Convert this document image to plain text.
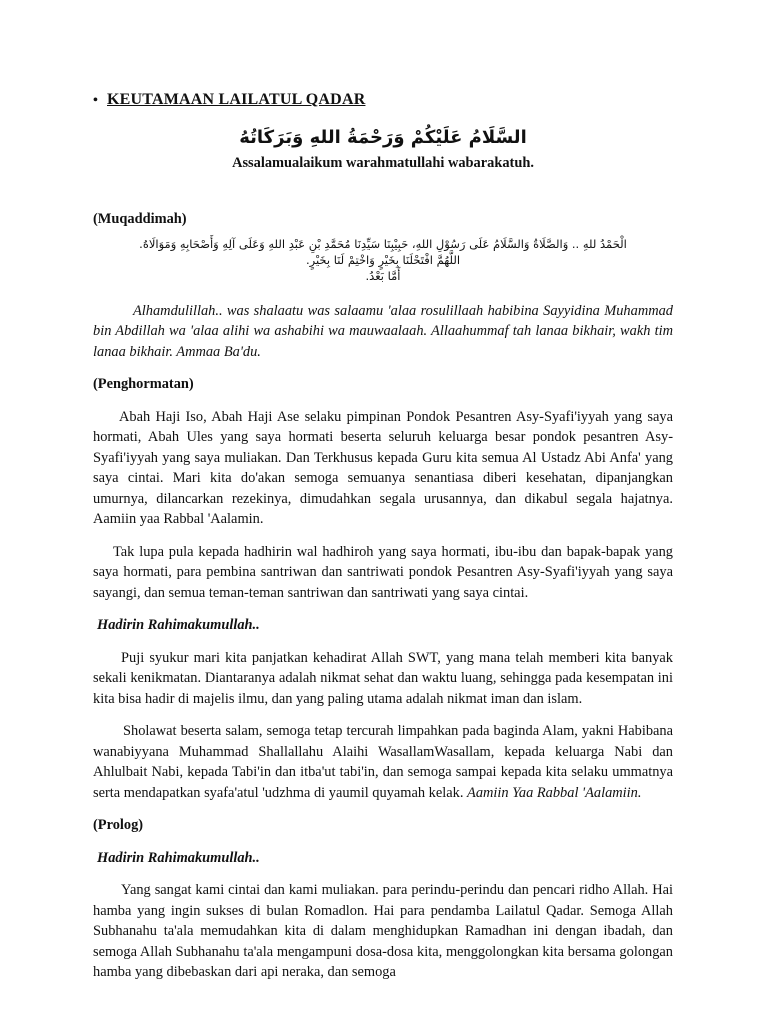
• KEUTAMAAN LAILATUL QADAR
السَّلَامُ عَلَيْكُمْ وَرَحْمَةُ اللهِ وَبَرَكَاتُهُ
Assalamualaikum warahmatullahi wabarakatuh.
(Muqaddimah)
الْحَمْدُ للهِ .. وَالصَّلَاةُ وَالسَّلَامُ عَلَى رَسُوْلِ اللهِ، حَبِيْبِنَا سَيِّدِنَا مُحَمَّدِ بْنِ عَبْدِ اللهِ وَعَلَى آلِهِ وَأَصْحَابِهِ وَمَوَالَاهُ.
اللَّهُمَّ افْتَحْلَنَا بِخَيْرٍ وَاخْتِمْ لَنَا بِخَيْرٍ.
أَمَّا بَعْدُ.

Alhamdulillah.. was shalaatu was salaamu 'alaa rosulillaah habibina Sayyidina Muhammad bin Abdillah wa 'alaa alihi wa ashabihi wa mauwaalaah. Allaahummaf tah lanaa bikhair, wakh tim lanaa bikhair. Ammaa Ba'du.

(Penghormatan)

Abah Haji Iso, Abah Haji Ase selaku pimpinan Pondok Pesantren Asy-Syafi'iyyah yang saya hormati, Abah Ules yang saya hormati beserta seluruh keluarga besar pondok pesantren Asy-Syafi'iyyah yang saya muliakan. Dan Terkhusus kepada Guru kita semua Al Ustadz Abi Anfa' yang saya cintai. Mari kita do'akan semoga semuanya senantiasa diberi kesehatan, dipanjangkan umurnya, dilancarkan rezekinya, dimudahkan segala urusannya, dan dikabul segala hajatnya. Aamiin yaa Rabbal 'Aalamin.

Tak lupa pula kepada hadhirin wal hadhiroh yang saya hormati, ibu-ibu dan bapak-bapak yang saya hormati, para pembina santriwan dan santriwati pondok Pesantren Asy-Syafi'iyyah yang saya sayangi, dan semua teman-teman santriwan dan santriwati yang saya cintai.

Hadirin Rahimakumullah..

Puji syukur mari kita panjatkan kehadirat Allah SWT, yang mana telah memberi kita banyak sekali kenikmatan. Diantaranya adalah nikmat sehat dan waktu luang, sehingga pada kesempatan ini kita bisa hadir di majelis ilmu, dan yang paling utama adalah nikmat iman dan islam.

Sholawat beserta salam, semoga tetap tercurah limpahkan pada baginda Alam, yakni Habibana wanabiyyana Muhammad Shallallahu Alaihi WasallamWasallam, kepada keluarga Nabi dan Ahlulbait Nabi, kepada Tabi'in dan itba'ut tabi'in, dan semoga sampai kepada kita selaku ummatnya serta mendapatkan syafa'atul 'udzhma di yaumil quyamah kelak. Aamiin Yaa Rabbal 'Aalamiin.

(Prolog)
Hadirin Rahimakumullah..

Yang sangat kami cintai dan kami muliakan. para perindu-perindu dan pencari ridho Allah. Hai hamba yang ingin sukses di bulan Romadlon. Hai para pendamba Lailatul Qadar. Semoga Allah Subhanahu ta'ala memudahkan kita di dalam menghidupkan Ramadhan ini dengan ibadah, dan semoga Allah Subhanahu ta'ala mengampuni dosa-dosa kita, menggolongkan kita bersama golongan hamba yang dibebaskan dari api neraka, dan semoga
